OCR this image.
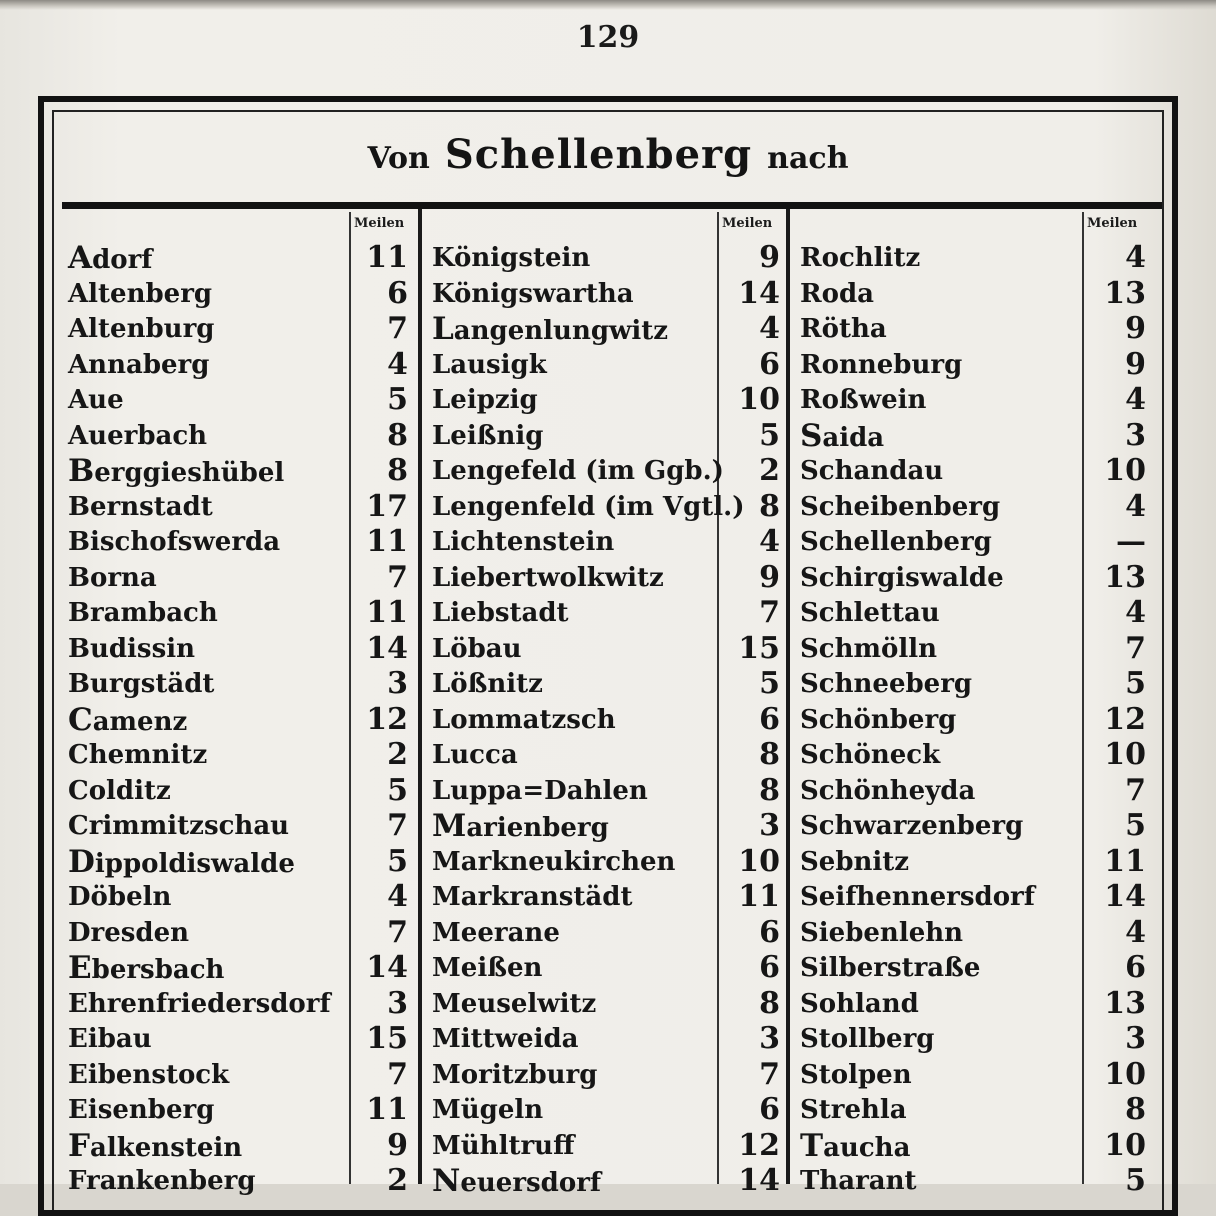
129
Von Schellenberg nach
Meilen	Meilen	Meilen
Adorf	11
Altenberg	6
Altenburg	7
Annaberg	4
Aue	5
Auerbach	8
Berggieshübel	8
Bernstadt	17
Bischofswerda	11
Borna	7
Brambach	11
Budissin	14
Burgstädt	3
Camenz	12
Chemnitz	2
Colditz	5
Crimmitzschau	7
Dippoldiswalde	5
Döbeln	4
Dresden	7
Ebersbach	14
Ehrenfriedersdorf	3
Eibau	15
Eibenstock	7
Eisenberg	11
Falkenstein	9
Frankenberg	2
Königstein	9
Königswartha	14
Langenlungwitz	4
Lausigk	6
Leipzig	10
Leißnig	5
Lengefeld (im Ggb.)	2
Lengenfeld (im Vgtl.) 8
Lichtenstein	4
Liebertwolkwitz	9
Liebstadt	7
Löbau	15
Lößnitz	5
Lommatzsch	6
Lucca	8
Luppa=Dahlen	8
Marienberg	3
Markneukirchen	10
Markranstädt	11
Meerane	6
Meißen	6
Meuselwitz	8
Mittweida	3
Moritzburg	7
Mügeln	6
Mühltruff	12
Neuersdorf	14
Rochlitz	4
Roda	13
Rötha	9
Ronneburg	9
Roßwein	4
Saida	3
Schandau	10
Scheibenberg	4
Schellenberg	—
Schirgiswalde	13
Schlettau	4
Schmölln	7
Schneeberg	5
Schönberg	12
Schöneck	10
Schönheyda	7
Schwarzenberg	5
Sebnitz	11
Seifhennersdorf	14
Siebenlehn	4
Silberstraße	6
Sohland	13
Stollberg	3
Stolpen	10
Strehla	8
Taucha	10
Tharant	5
